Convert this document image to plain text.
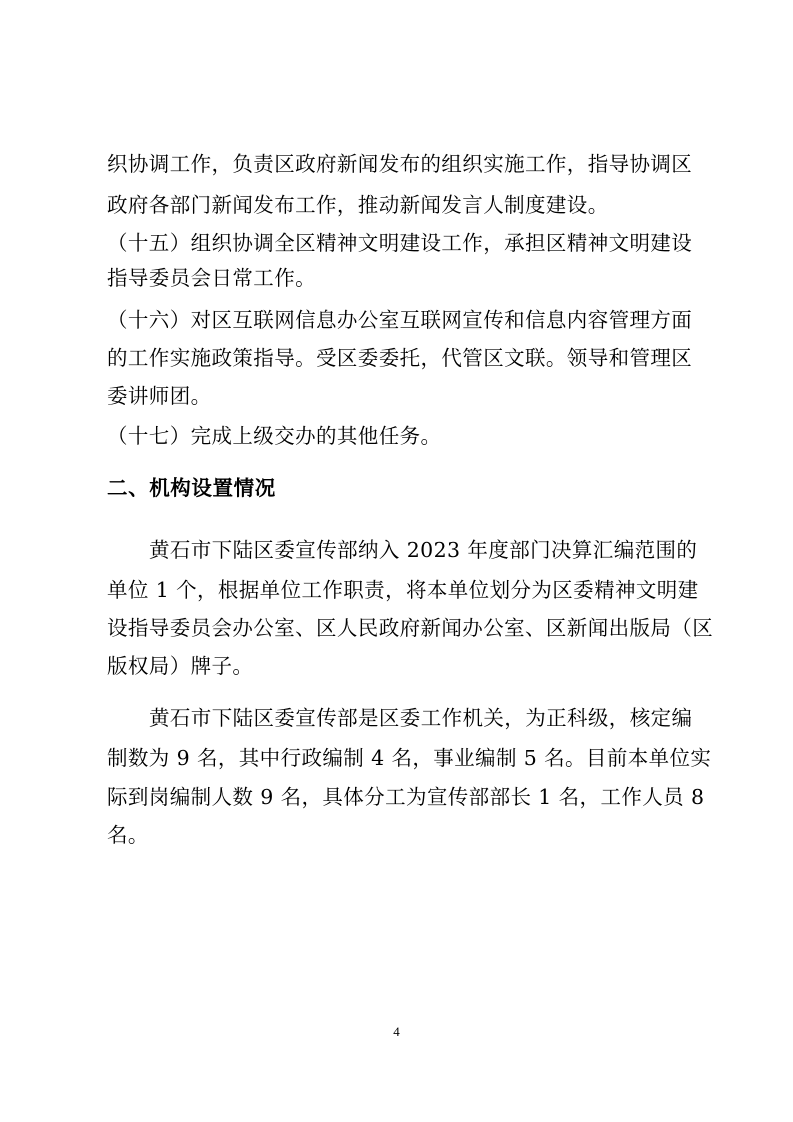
织协调工作，负责区政府新闻发布的组织实施工作，指导协调区
政府各部门新闻发布工作，推动新闻发言人制度建设。
（十五）组织协调全区精神文明建设工作，承担区精神文明建设
指导委员会日常工作。
（十六）对区互联网信息办公室互联网宣传和信息内容管理方面
的工作实施政策指导。受区委委托，代管区文联。领导和管理区
委讲师团。
（十七）完成上级交办的其他任务。
二、机构设置情况
黄石市下陆区委宣传部纳入 2023 年度部门决算汇编范围的
单位 1 个，根据单位工作职责，将本单位划分为区委精神文明建
设指导委员会办公室、区人民政府新闻办公室、区新闻出版局（区
版权局）牌子。
黄石市下陆区委宣传部是区委工作机关，为正科级，核定编
制数为 9 名，其中行政编制 4 名，事业编制 5 名。目前本单位实
际到岗编制人数 9 名，具体分工为宣传部部长 1 名，工作人员 8
名。
4
